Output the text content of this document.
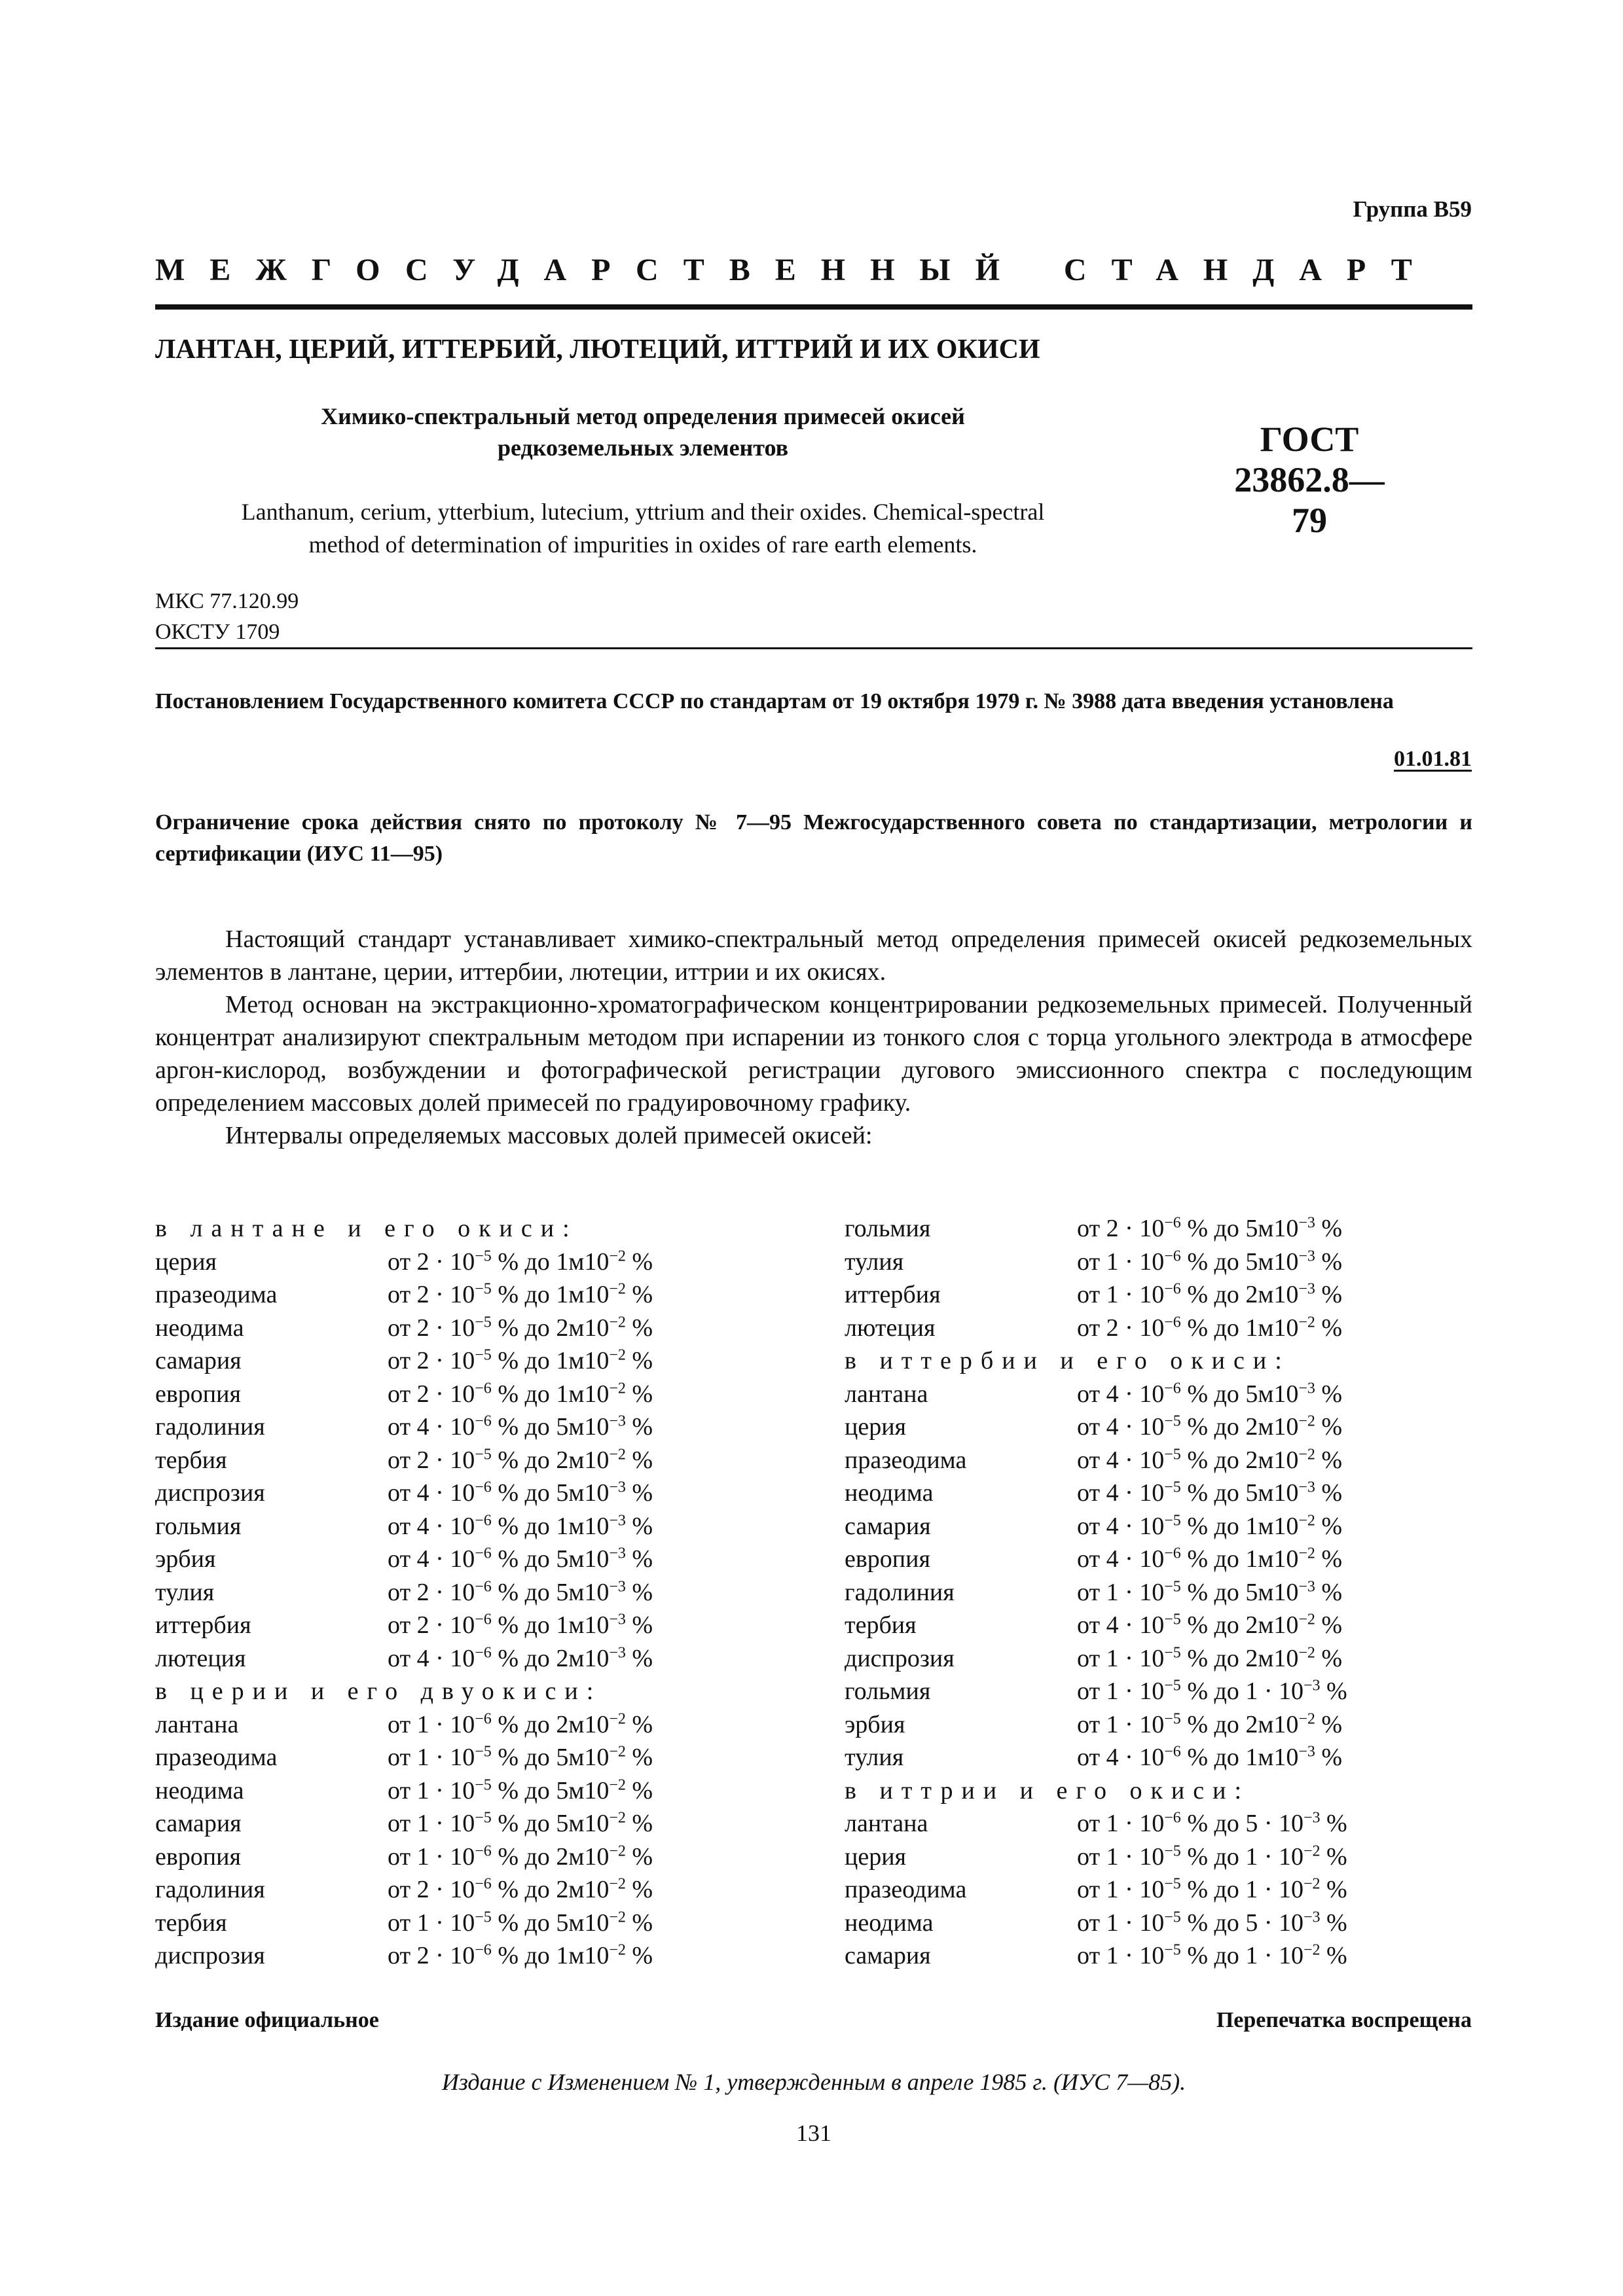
Группа В59
МЕЖГОСУДАРСТВЕННЫЙ СТАНДАРТ
ЛАНТАН, ЦЕРИЙ, ИТТЕРБИЙ, ЛЮТЕЦИЙ, ИТТРИЙ И ИХ ОКИСИ
Химико-спектральный метод определения примесей окисей
редкоземельных элементов	ГОСТ
23862.8—79
Lanthanum, cerium, ytterbium, lutecium, yttrium and their oxides. Chemical-spectral
method of determination of impurities in oxides of rare earth elements.
МКС 77.120.99
ОКСТУ 1709
Постановлением Государственного комитета СССР по стандартам от 19 октября 1979 г. № 3988 дата введения установлена
01.01.81
Ограничение срока действия снято по протоколу № 7—95 Межгосударственного совета по стандартизации, метрологии и сертификации (ИУС 11—95)

Настоящий стандарт устанавливает химико-спектральный метод определения примесей окисей редкоземельных элементов в лантане, церии, иттербии, лютеции, иттрии и их окисях.

Метод основан на экстракционно-хроматографическом концентрировании редкоземельных примесей. Полученный концентрат анализируют спектральным методом при испарении из тонкого слоя с торца угольного электрода в атмосфере аргон-кислород, возбуждении и фотографической регистрации дугового эмиссионного спектра с последующим определением массовых долей примесей по градуировочному графику.

Интервалы определяемых массовых долей примесей окисей:

в лантане и его окиси:
церия	от $2 \cdot 10^{-5}$ % до $1м10^{-2}$ %
празеодима	от $2 \cdot 10^{-5}$ % до $1м10^{-2}$ %
неодима	от $2 \cdot 10^{-5}$ % до $2м10^{-2}$ %
самария	от $2 \cdot 10^{-5}$ % до $1м10^{-2}$ %
европия	от $2 \cdot 10^{-6}$ % до $1м10^{-2}$ %
гадолиния	от $4 \cdot 10^{-6}$ % до $5м10^{-3}$ %
тербия	от $2 \cdot 10^{-5}$ % до $2м10^{-2}$ %
диспрозия	от $4 \cdot 10^{-6}$ % до $5м10^{-3}$ %
гольмия	от $4 \cdot 10^{-6}$ % до $1м10^{-3}$ %
эрбия	от $4 \cdot 10^{-6}$ % до $5м10^{-3}$ %
тулия	от $2 \cdot 10^{-6}$ % до $5м10^{-3}$ %
иттербия	от $2 \cdot 10^{-6}$ % до $1м10^{-3}$ %
лютеция	от $4 \cdot 10^{-6}$ % до $2м10^{-3}$ %
в церии и его двуокиси:
лантана	от $1 \cdot 10^{-6}$ % до $2м10^{-2}$ %
празеодима	от $1 \cdot 10^{-5}$ % до $5м10^{-2}$ %
неодима	от $1 \cdot 10^{-5}$ % до $5м10^{-2}$ %
самария	от $1 \cdot 10^{-5}$ % до $5м10^{-2}$ %
европия	от $1 \cdot 10^{-6}$ % до $2м10^{-2}$ %
гадолиния	от $2 \cdot 10^{-6}$ % до $2м10^{-2}$ %
тербия	от $1 \cdot 10^{-5}$ % до $5м10^{-2}$ %
диспрозия	от $2 \cdot 10^{-6}$ % до $1м10^{-2}$ %
гольмия	от $2 \cdot 10^{-6}$ % до $5м10^{-3}$ %
тулия	от $1 \cdot 10^{-6}$ % до $5м10^{-3}$ %
иттербия	от $1 \cdot 10^{-6}$ % до $2м10^{-3}$ %
лютеция	от $2 \cdot 10^{-6}$ % до $1м10^{-2}$ %
в иттербии и его окиси:
лантана	от $4 \cdot 10^{-6}$ % до $5м10^{-3}$ %
церия	от $4 \cdot 10^{-5}$ % до $2м10^{-2}$ %
празеодима	от $4 \cdot 10^{-5}$ % до $2м10^{-2}$ %
неодима	от $4 \cdot 10^{-5}$ % до $5м10^{-3}$ %
самария	от $4 \cdot 10^{-5}$ % до $1м10^{-2}$ %
европия	от $4 \cdot 10^{-6}$ % до $1м10^{-2}$ %
гадолиния	от $1 \cdot 10^{-5}$ % до $5м10^{-3}$ %
тербия	от $4 \cdot 10^{-5}$ % до $2м10^{-2}$ %
диспрозия	от $1 \cdot 10^{-5}$ % до $2м10^{-2}$ %
гольмия	от $1 \cdot 10^{-5}$ % до $1 \cdot 10^{-3}$ %
эрбия	от $1 \cdot 10^{-5}$ % до $2м10^{-2}$ %
тулия	от $4 \cdot 10^{-6}$ % до $1м10^{-3}$ %
в иттрии и его окиси:
лантана	от $1 \cdot 10^{-6}$ % до $5 \cdot 10^{-3}$ %
церия	от $1 \cdot 10^{-5}$ % до $1 \cdot 10^{-2}$ %
празеодима	от $1 \cdot 10^{-5}$ % до $1 \cdot 10^{-2}$ %
неодима	от $1 \cdot 10^{-5}$ % до $5 \cdot 10^{-3}$ %
самария	от $1 \cdot 10^{-5}$ % до $1 \cdot 10^{-2}$ %
Издание официальное	Перепечатка воспрещена
Издание с Изменением № 1, утвержденным в апреле 1985 г. (ИУС 7—85).
131
